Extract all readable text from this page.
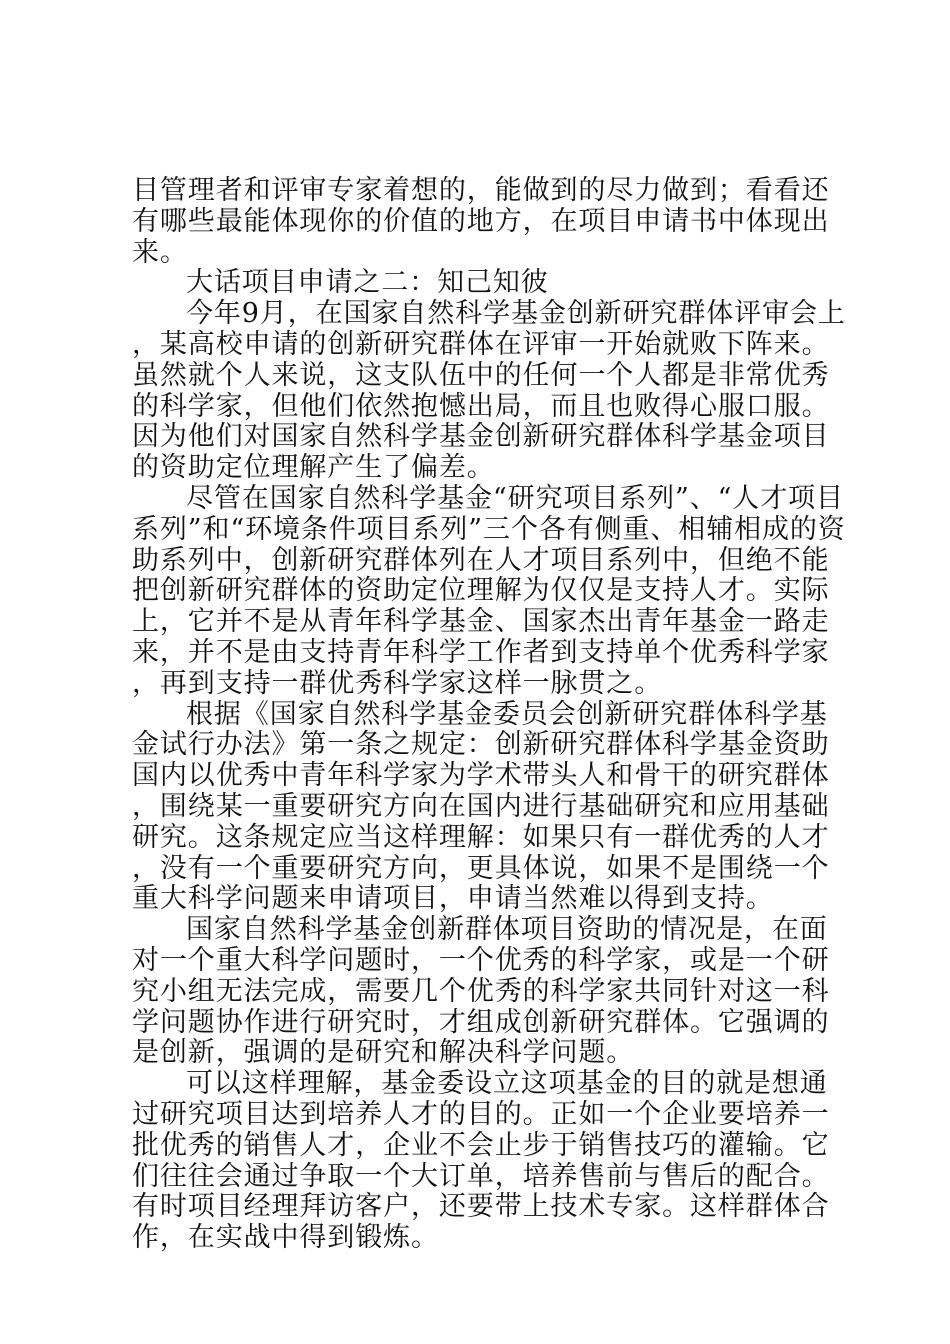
目管理者和评审专家着想的，能做到的尽力做到；看看还有哪些最能体现你的价值的地方，在项目申请书中体现出来。

大话项目申请之二：知己知彼

今年9月，在国家自然科学基金创新研究群体评审会上，某高校申请的创新研究群体在评审一开始就败下阵来。虽然就个人来说，这支队伍中的任何一个人都是非常优秀的科学家，但他们依然抱憾出局，而且也败得心服口服。因为他们对国家自然科学基金创新研究群体科学基金项目的资助定位理解产生了偏差。

尽管在国家自然科学基金“研究项目系列”、“人才项目系列”和“环境条件项目系列”三个各有侧重、相辅相成的资助系列中，创新研究群体列在人才项目系列中，但绝不能把创新研究群体的资助定位理解为仅仅是支持人才。实际上，它并不是从青年科学基金、国家杰出青年基金一路走来，并不是由支持青年科学工作者到支持单个优秀科学家，再到支持一群优秀科学家这样一脉贯之。

根据《国家自然科学基金委员会创新研究群体科学基金试行办法》第一条之规定：创新研究群体科学基金资助国内以优秀中青年科学家为学术带头人和骨干的研究群体，围绕某一重要研究方向在国内进行基础研究和应用基础研究。这条规定应当这样理解：如果只有一群优秀的人才，没有一个重要研究方向，更具体说，如果不是围绕一个重大科学问题来申请项目，申请当然难以得到支持。

国家自然科学基金创新群体项目资助的情况是，在面对一个重大科学问题时，一个优秀的科学家，或是一个研究小组无法完成，需要几个优秀的科学家共同针对这一科学问题协作进行研究时，才组成创新研究群体。它强调的是创新，强调的是研究和解决科学问题。

可以这样理解，基金委设立这项基金的目的就是想通过研究项目达到培养人才的目的。正如一个企业要培养一批优秀的销售人才，企业不会止步于销售技巧的灌输。它们往往会通过争取一个大订单，培养售前与售后的配合。有时项目经理拜访客户，还要带上技术专家。这样群体合作，在实战中得到锻炼。
